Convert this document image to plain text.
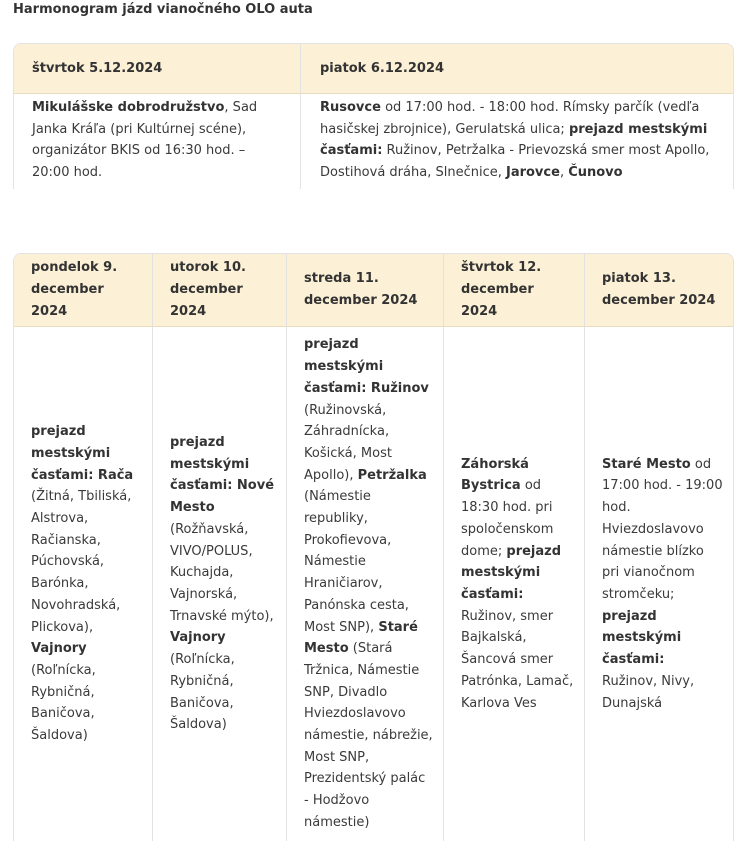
Harmonogram jázd vianočného OLO auta
štvrtok 5.12.2024	piatok 6.12.2024
Mikulášske dobrodružstvo, Sad Janka Kráľa (pri Kultúrnej scéne), organizátor BKIS od 16:30 hod. – 20:00 hod.
Rusovce od 17:00 hod. - 18:00 hod. Rímsky parčík (vedľa hasičskej zbrojnice), Gerulatská ulica; prejazd mestskými časťami: Ružinov, Petržalka - Prievozská smer most Apollo, Dostihová dráha, Slnečnice, Jarovce, Čunovo
pondelok 9. december 2024
utorok 10. december 2024
streda 11. december 2024
štvrtok 12. december 2024
piatok 13. december 2024
prejazd mestskými časťami: Rača (Žitná, Tbiliská, Alstrova, Račianska, Púchovská, Barónka, Novohradská, Plickova), Vajnory (Roľnícka, Rybničná, Baničova, Šaldova)
prejazd mestskými časťami: Nové Mesto (Rožňavská, VIVO/POLUS, Kuchajda, Vajnorská, Trnavské mýto), Vajnory (Roľnícka, Rybničná, Baničova, Šaldova)
prejazd mestskými časťami: Ružinov (Ružinovská, Záhradnícka, Košická, Most Apollo), Petržalka (Námestie republiky, Prokofievova, Námestie Hraničiarov, Panónska cesta, Most SNP), Staré Mesto (Stará Tržnica, Námestie SNP, Divadlo Hviezdoslavovo námestie, nábrežie, Most SNP, Prezidentský palác - Hodžovo námestie)
Záhorská Bystrica od 18:30 hod. pri spoločenskom dome; prejazd mestskými časťami: Ružinov, smer Bajkalská, Šancová smer Patrónka, Lamač, Karlova Ves
Staré Mesto od 17:00 hod. - 19:00 hod. Hviezdoslavovo námestie blízko pri vianočnom stromčeku; prejazd mestskými časťami: Ružinov, Nivy, Dunajská
